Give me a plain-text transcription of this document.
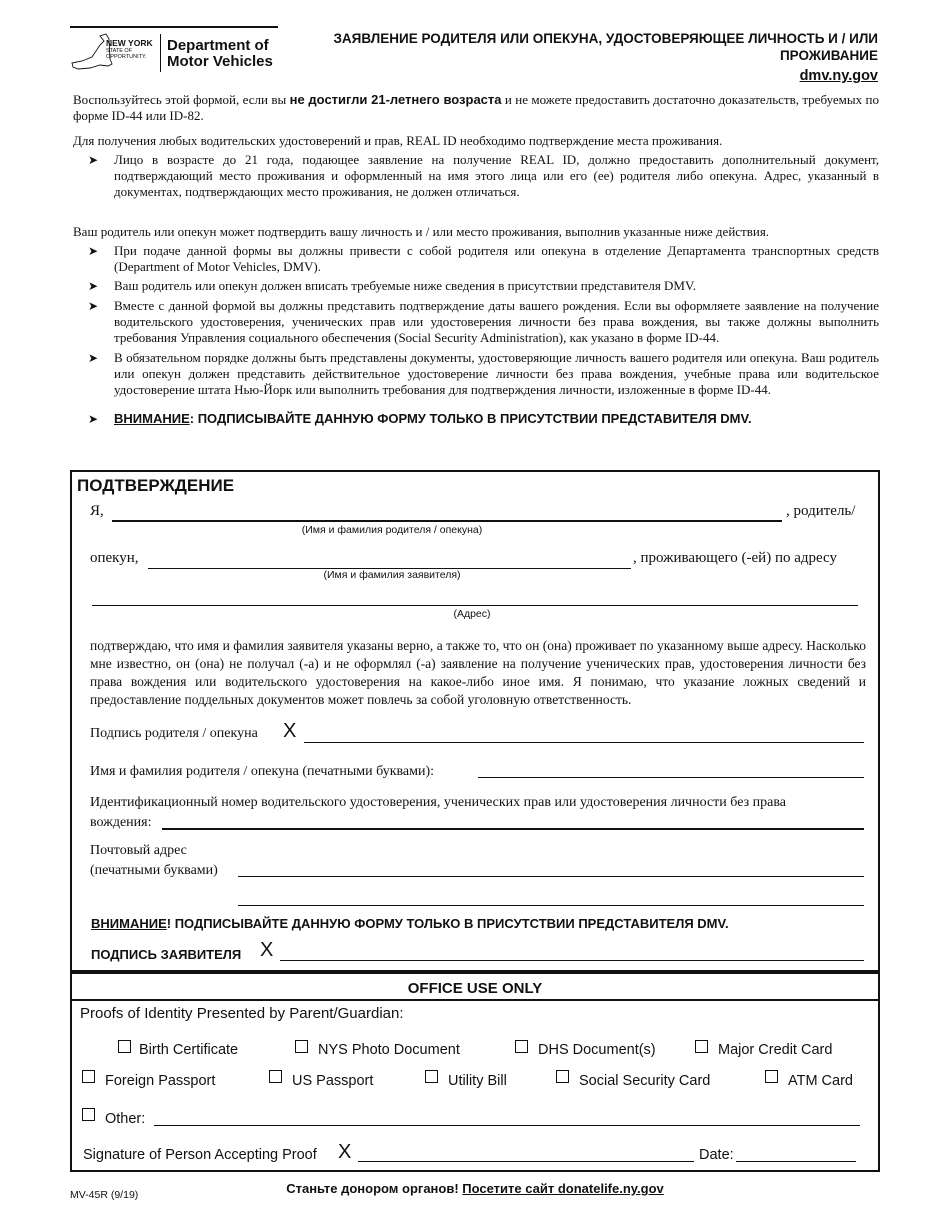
NEW YORK
STATE OF
OPPORTUNITY.
Department of
Motor Vehicles
ЗАЯВЛЕНИЕ РОДИТЕЛЯ ИЛИ ОПЕКУНА, УДОСТОВЕРЯЮЩЕЕ ЛИЧНОСТЬ И / ИЛИ
ПРОЖИВАНИЕ
dmv.ny.gov
Воспользуйтесь этой формой, если вы не достигли 21-летнего возраста и не можете предоставить достаточно доказательств, требуемых по форме ID-44 или ID-82.
Для получения любых водительских удостоверений и прав, REAL ID необходимо подтверждение места проживания.
➤	Лицо в возрасте до 21 года, подающее заявление на получение REAL ID, должно предоставить дополнительный документ, подтверждающий место проживания и оформленный на имя этого лица или его (ее) родителя либо опекуна. Адрес, указанный в документах, подтверждающих место проживания, не должен отличаться.
Ваш родитель или опекун может подтвердить вашу личность и / или место проживания, выполнив указанные ниже действия.
➤	При подаче данной формы вы должны привести с собой родителя или опекуна в отделение Департамента транспортных средств (Department of Motor Vehicles, DMV).
➤	Ваш родитель или опекун должен вписать требуемые ниже сведения в присутствии представителя DMV.
➤	Вместе с данной формой вы должны представить подтверждение даты вашего рождения. Если вы оформляете заявление на получение водительского удостоверения, ученических прав или удостоверения личности без права вождения, вы также должны выполнить требования Управления социального обеспечения (Social Security Administration), как указано в форме ID-44.
➤	В обязательном порядке должны быть представлены документы, удостоверяющие личность вашего родителя или опекуна. Ваш родитель или опекун должен представить действительное удостоверение личности без права вождения, учебные права или водительское удостоверение штата Нью-Йорк или выполнить требования для подтверждения личности, изложенные в форме ID-44.
➤	ВНИМАНИЕ: ПОДПИСЫВАЙТЕ ДАННУЮ ФОРМУ ТОЛЬКО В ПРИСУТСТВИИ ПРЕДСТАВИТЕЛЯ DMV.
ПОДТВЕРЖДЕНИЕ
Я,	, родитель/
(Имя и фамилия родителя / опекуна)
опекун,	, проживающего (-ей) по адресу
(Имя и фамилия заявителя)
(Адрес)
подтверждаю, что имя и фамилия заявителя указаны верно, а также то, что он (она) проживает по указанному выше адресу. Насколько мне известно, он (она) не получал (-а) и не оформлял (-а) заявление на получение ученических прав, удостоверения личности без права вождения или водительского удостоверения на какое-либо иное имя. Я понимаю, что указание ложных сведений и предоставление поддельных документов может повлечь за собой уголовную ответственность.
Подпись родителя / опекуна X
Имя и фамилия родителя / опекуна (печатными буквами):
Идентификационный номер водительского удостоверения, ученических прав или удостоверения личности без права
вождения:
Почтовый адрес
(печатными буквами)
ВНИМАНИЕ! ПОДПИСЫВАЙТЕ ДАННУЮ ФОРМУ ТОЛЬКО В ПРИСУТСТВИИ ПРЕДСТАВИТЕЛЯ DMV.
ПОДПИСЬ ЗАЯВИТЕЛЯ X
OFFICE USE ONLY
Proofs of Identity Presented by Parent/Guardian:
Birth Certificate	NYS Photo Document	DHS Document(s)	Major Credit Card
Foreign Passport	US Passport	Utility Bill	Social Security Card	ATM Card
Other:
Signature of Person Accepting Proof X	Date:
MV-45R (9/19)	Станьте донором органов! Посетите сайт donatelife.ny.gov
